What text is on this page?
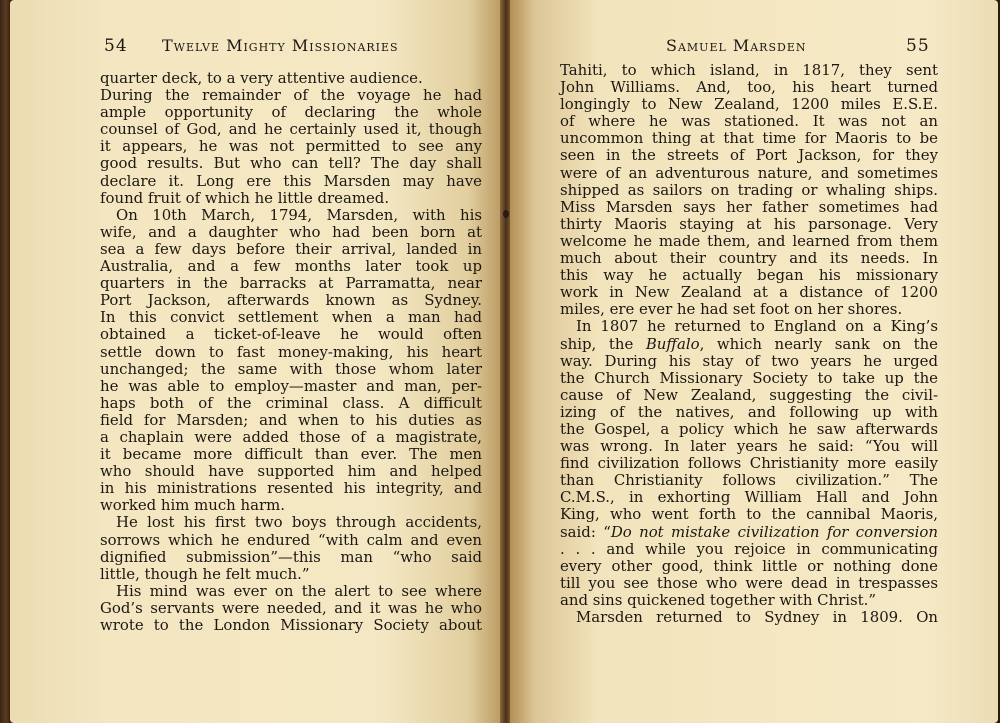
54 Twelve Mighty Missionaries
quarter deck, to a very attentive audience.
During the remainder of the voyage he had
ample opportunity of declaring the whole
counsel of God, and he certainly used it, though
it appears, he was not permitted to see any
good results. But who can tell? The day shall
declare it. Long ere this Marsden may have
found fruit of which he little dreamed.
On 10th March, 1794, Marsden, with his
wife, and a daughter who had been born at
sea a few days before their arrival, landed in
Australia, and a few months later took up
quarters in the barracks at Parramatta, near
Port Jackson, afterwards known as Sydney.
In this convict settlement when a man had
obtained a ticket-of-leave he would often
settle down to fast money-making, his heart
unchanged; the same with those whom later
he was able to employ—master and man, per-
haps both of the criminal class. A difficult
field for Marsden; and when to his duties as
a chaplain were added those of a magistrate,
it became more difficult than ever. The men
who should have supported him and helped
in his ministrations resented his integrity, and
worked him much harm.
He lost his first two boys through accidents,
sorrows which he endured “with calm and even
dignified submission”—this man “who said
little, though he felt much.”
His mind was ever on the alert to see where
God’s servants were needed, and it was he who
wrote to the London Missionary Society about
Samuel Marsden	55
Tahiti, to which island, in 1817, they sent
John Williams. And, too, his heart turned
longingly to New Zealand, 1200 miles E.S.E.
of where he was stationed. It was not an
uncommon thing at that time for Maoris to be
seen in the streets of Port Jackson, for they
were of an adventurous nature, and sometimes
shipped as sailors on trading or whaling ships.
Miss Marsden says her father sometimes had
thirty Maoris staying at his parsonage. Very
welcome he made them, and learned from them
much about their country and its needs. In
this way he actually began his missionary
work in New Zealand at a distance of 1200
miles, ere ever he had set foot on her shores.
In 1807 he returned to England on a King’s
ship, the Buffalo, which nearly sank on the
way. During his stay of two years he urged
the Church Missionary Society to take up the
cause of New Zealand, suggesting the civil-
izing of the natives, and following up with
the Gospel, a policy which he saw afterwards
was wrong. In later years he said: “You will
find civilization follows Christianity more easily
than Christianity follows civilization.” The
C.M.S., in exhorting William Hall and John
King, who went forth to the cannibal Maoris,
said: “Do not mistake civilization for conversion
. . . and while you rejoice in communicating
every other good, think little or nothing done
till you see those who were dead in trespasses
and sins quickened together with Christ.”
Marsden returned to Sydney in 1809. On
